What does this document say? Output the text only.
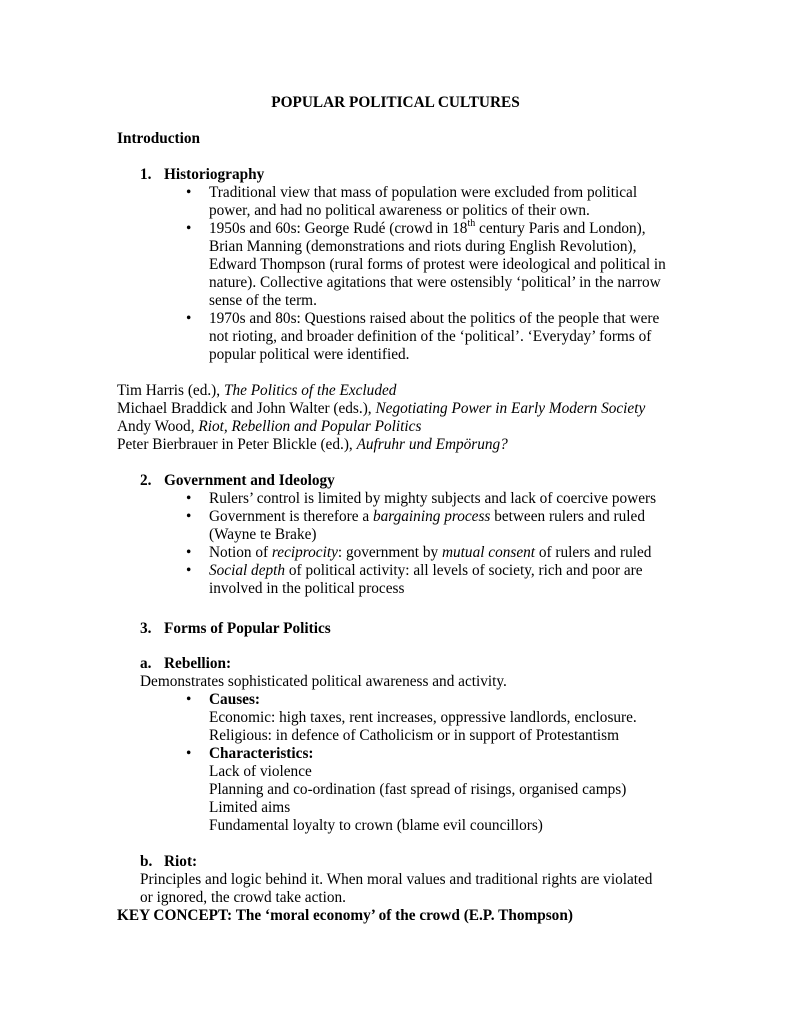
POPULAR POLITICAL CULTURES
Introduction
1. Historiography
•	Traditional view that mass of population were excluded from political
power, and had no political awareness or politics of their own.
•	1950s and 60s: George Rudé (crowd in 18th century Paris and London),
Brian Manning (demonstrations and riots during English Revolution),
Edward Thompson (rural forms of protest were ideological and political in
nature). Collective agitations that were ostensibly ‘political’ in the narrow
sense of the term.
•	1970s and 80s: Questions raised about the politics of the people that were
not rioting, and broader definition of the ‘political’. ‘Everyday’ forms of
popular political were identified.
Tim Harris (ed.), The Politics of the Excluded
Michael Braddick and John Walter (eds.), Negotiating Power in Early Modern Society
Andy Wood, Riot, Rebellion and Popular Politics
Peter Bierbrauer in Peter Blickle (ed.), Aufruhr und Empörung?
2. Government and Ideology
•	Rulers’ control is limited by mighty subjects and lack of coercive powers
•	Government is therefore a bargaining process between rulers and ruled
(Wayne te Brake)
•	Notion of reciprocity: government by mutual consent of rulers and ruled
•	Social depth of political activity: all levels of society, rich and poor are
involved in the political process
3. Forms of Popular Politics
a. Rebellion:
Demonstrates sophisticated political awareness and activity.
•	Causes:
Economic: high taxes, rent increases, oppressive landlords, enclosure.
Religious: in defence of Catholicism or in support of Protestantism
•	Characteristics:
Lack of violence
Planning and co-ordination (fast spread of risings, organised camps)
Limited aims
Fundamental loyalty to crown (blame evil councillors)
b. Riot:
Principles and logic behind it. When moral values and traditional rights are violated
or ignored, the crowd take action.
KEY CONCEPT: The ‘moral economy’ of the crowd (E.P. Thompson)
